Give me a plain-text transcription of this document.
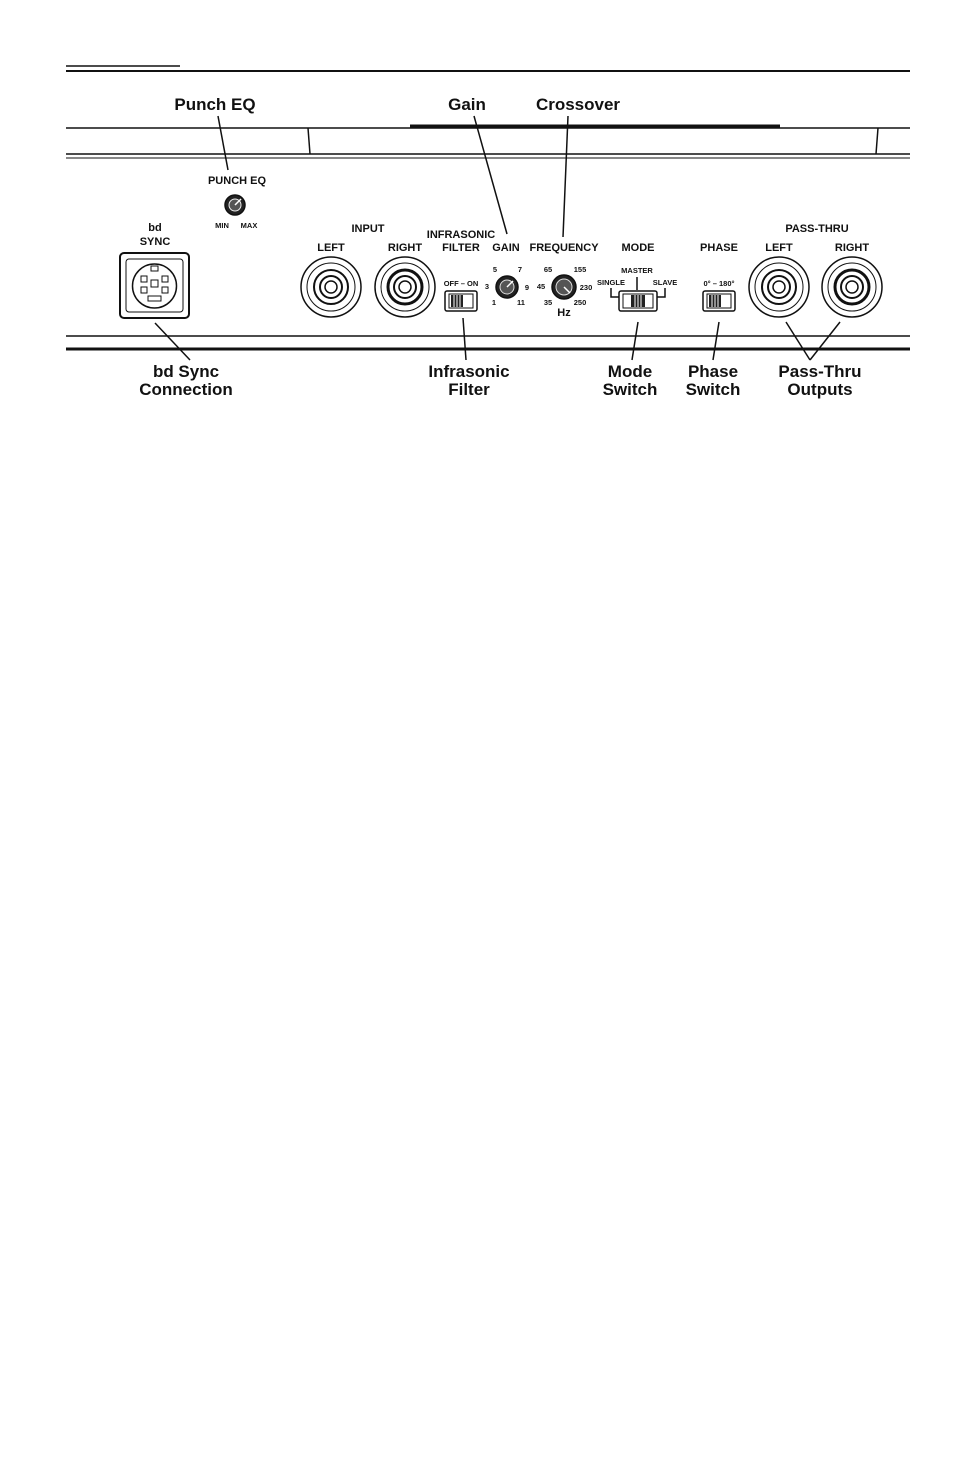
Punch EQ	Gain	Crossover
bd Sync
Connection
Infrasonic
Filter
Mode
Switch
Phase
Switch
Pass-Thru
Outputs
PUNCH EQ
MIN MAX
bd
SYNC
INPUT
LEFT	RIGHT
INFRASONIC
FILTER
OFF – ON
GAIN
5	7
3	9
1	11
FREQUENCY
65	155
45	230
35	250
Hz
MODE
MASTER
SINGLE	SLAVE
PHASE
0° – 180°
PASS-THRU
LEFT	RIGHT
